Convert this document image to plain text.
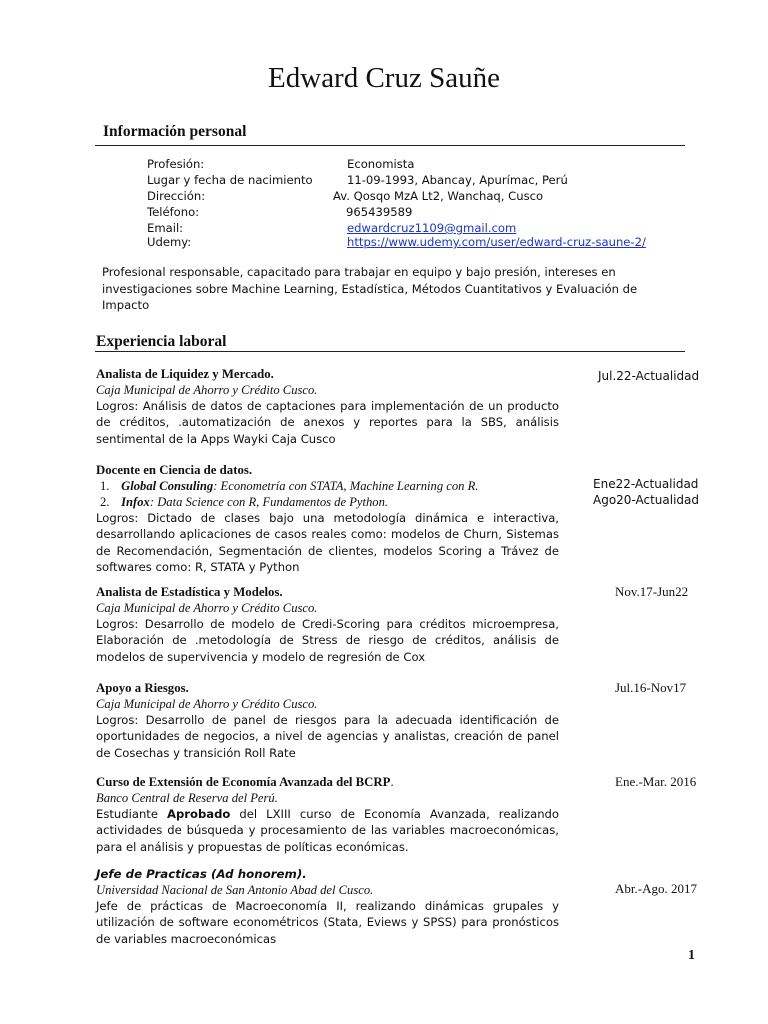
Edward Cruz Sauñe
Información personal
Profesión:	Economista
Lugar y fecha de nacimiento	11-09-1993, Abancay, Apurímac, Perú
Dirección:	Av. Qosqo MzA Lt2, Wanchaq, Cusco
Teléfono:	965439589
Email:	edwardcruz1109@gmail.com
Udemy:	https://www.udemy.com/user/edward-cruz-saune-2/
Profesional responsable, capacitado para trabajar en equipo y bajo presión, intereses en investigaciones sobre Machine Learning, Estadística, Métodos Cuantitativos y Evaluación de Impacto
Experiencia laboral
Analista de Liquidez y Mercado.
Caja Municipal de Ahorro y Crédito Cusco.
Logros: Análisis de datos de captaciones para implementación de un producto de créditos, .automatización de anexos y reportes para la SBS, análisis sentimental de la Apps Wayki Caja Cusco
Jul.22-Actualidad
Docente en Ciencia de datos.
1. Global Consuling: Econometría con STATA, Machine Learning con R.
2. Infox: Data Science con R, Fundamentos de Python.
Logros: Dictado de clases bajo una metodología dinámica e interactiva, desarrollando aplicaciones de casos reales como: modelos de Churn, Sistemas de Recomendación, Segmentación de clientes, modelos Scoring a Trávez de softwares como: R, STATA y Python
Ene22-Actualidad
Ago20-Actualidad
Analista de Estadística y Modelos.
Caja Municipal de Ahorro y Crédito Cusco.
Logros: Desarrollo de modelo de Credi-Scoring para créditos microempresa, Elaboración de .metodología de Stress de riesgo de créditos, análisis de modelos de supervivencia y modelo de regresión de Cox
Nov.17-Jun22
Apoyo a Riesgos.
Caja Municipal de Ahorro y Crédito Cusco.
Logros: Desarrollo de panel de riesgos para la adecuada identificación de oportunidades de negocios, a nivel de agencias y analistas, creación de panel de Cosechas y transición Roll Rate
Jul.16-Nov17
Curso de Extensión de Economía Avanzada del BCRP.
Banco Central de Reserva del Perú.
Estudiante Aprobado del LXIII curso de Economía Avanzada, realizando actividades de búsqueda y procesamiento de las variables macroeconómicas, para el análisis y propuestas de políticas económicas.
Ene.-Mar. 2016
Jefe de Practicas (Ad honorem).
Universidad Nacional de San Antonio Abad del Cusco.
Jefe de prácticas de Macroeconomía II, realizando dinámicas grupales y utilización de software econométricos (Stata, Eviews y SPSS) para pronósticos de variables macroeconómicas
Abr.-Ago. 2017
1
